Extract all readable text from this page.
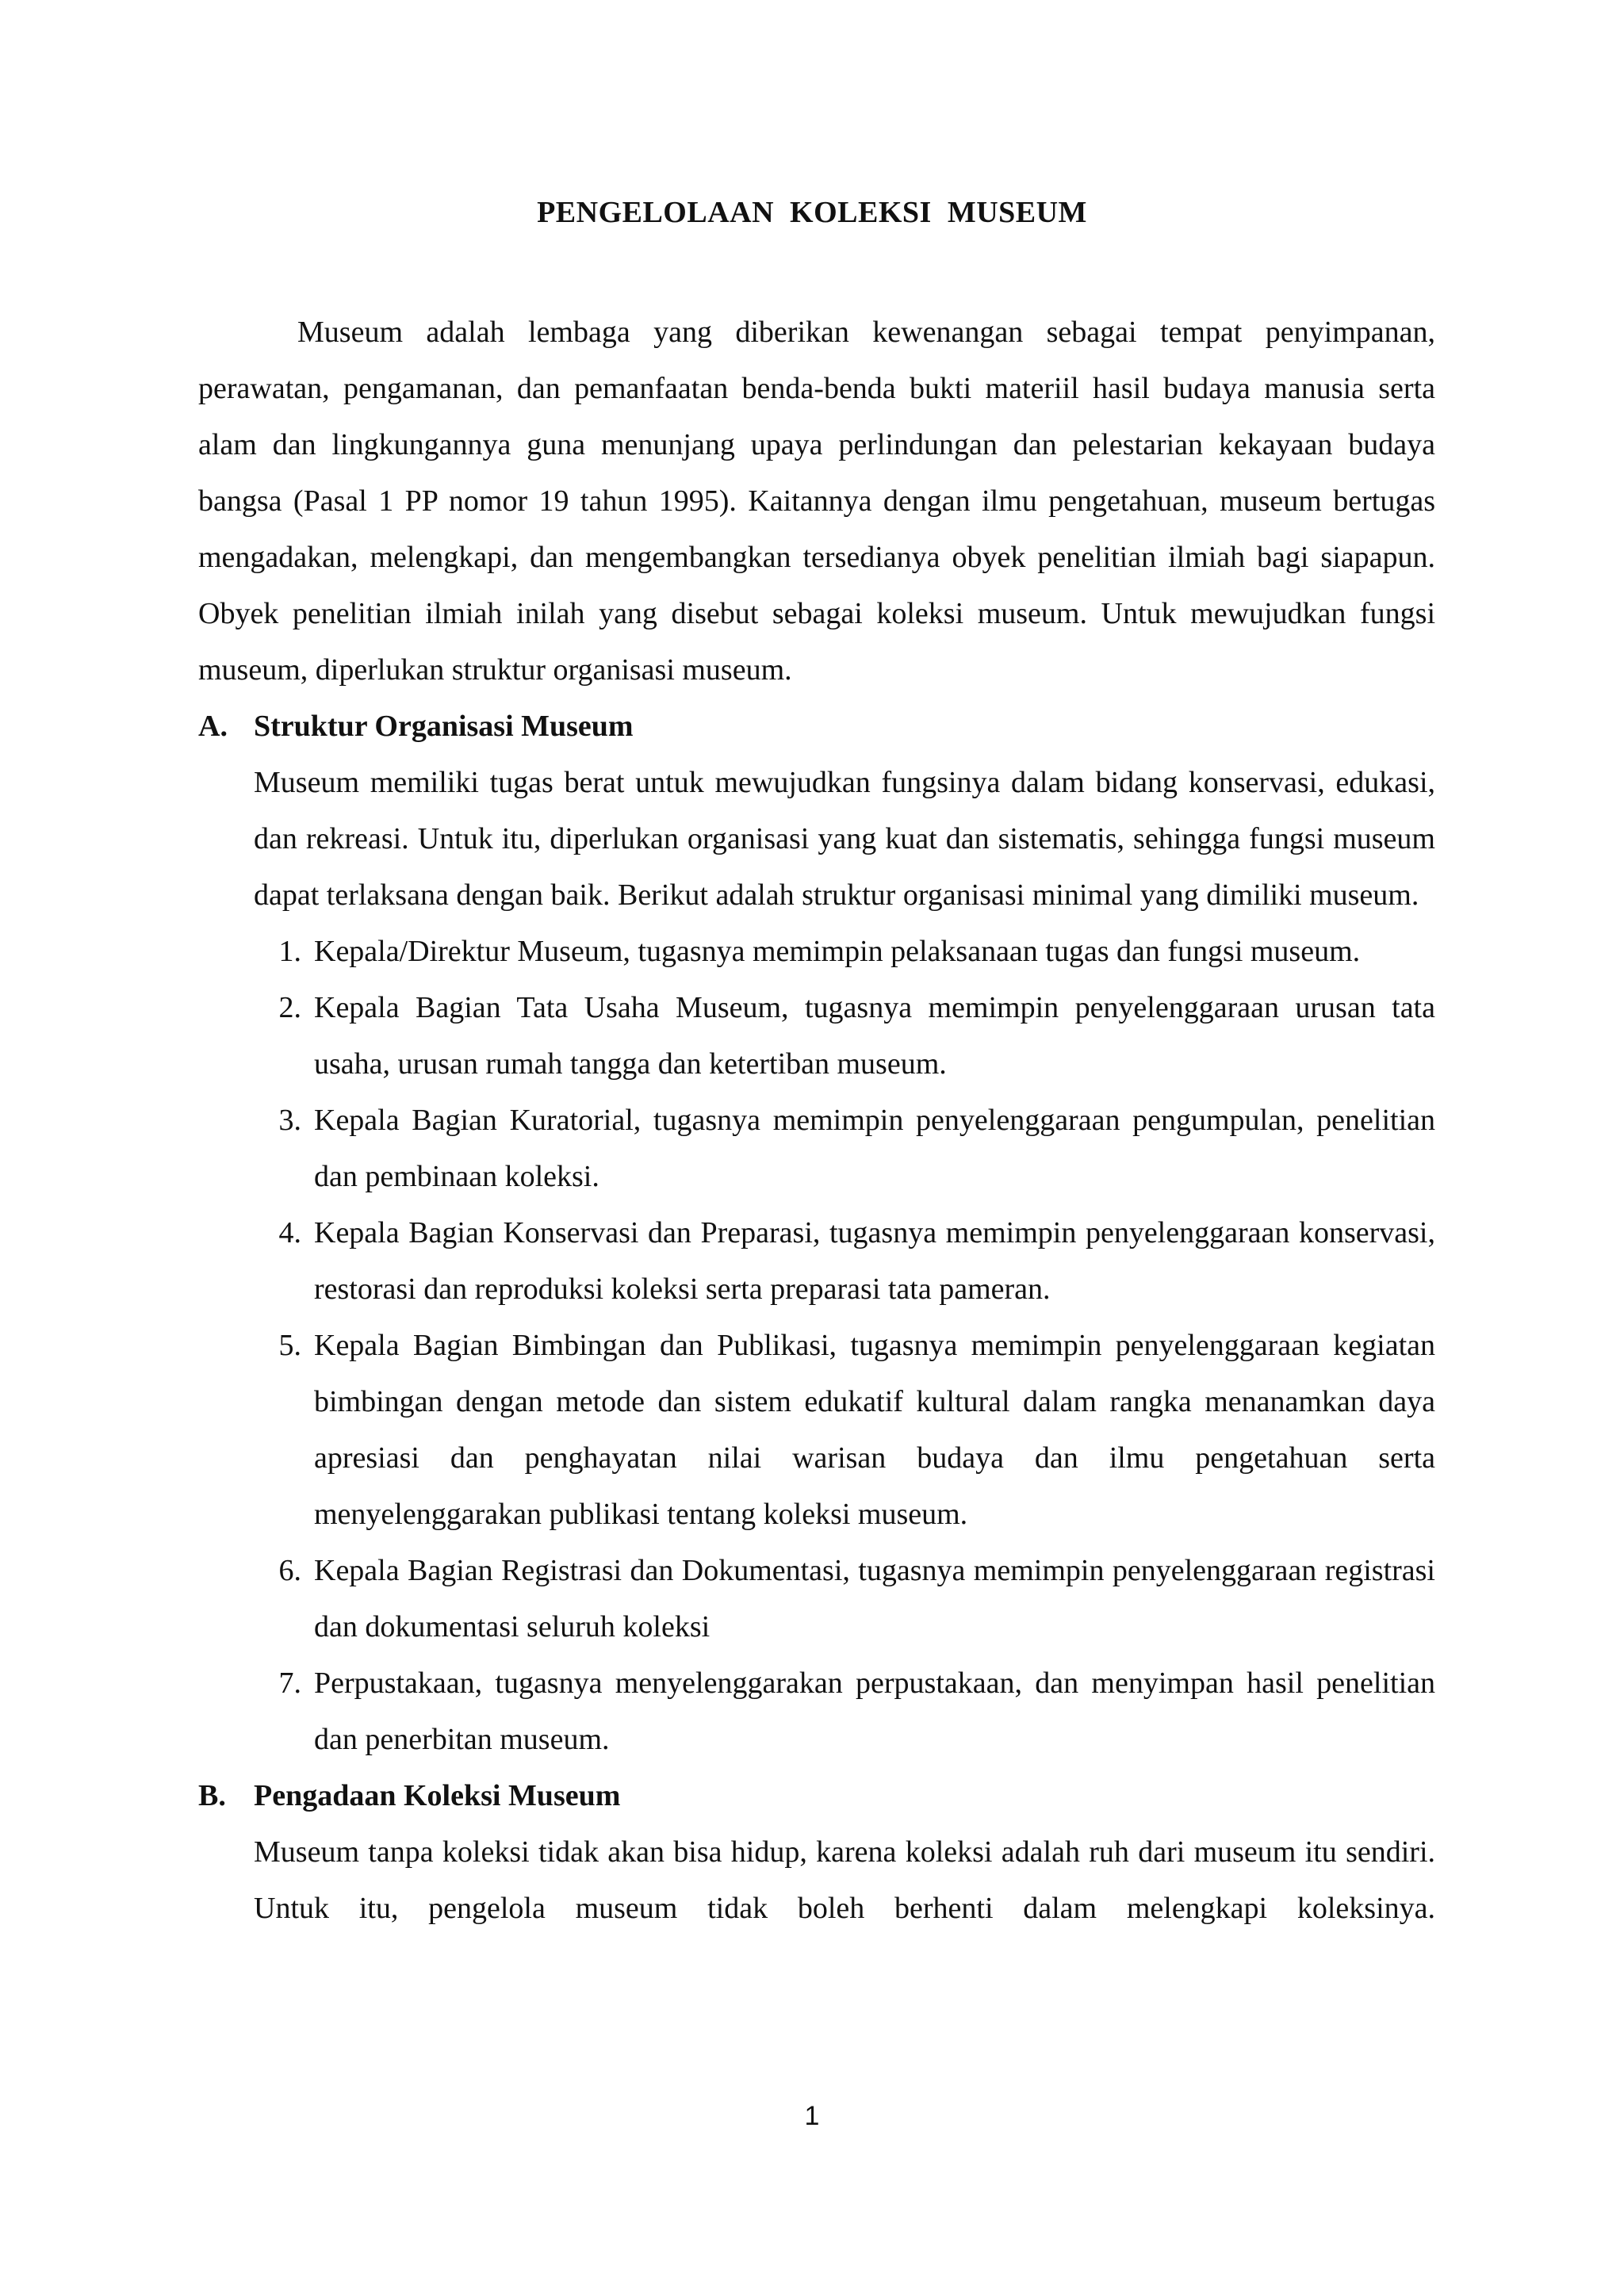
PENGELOLAAN KOLEKSI MUSEUM

Museum adalah lembaga yang diberikan kewenangan sebagai tempat penyimpanan, perawatan, pengamanan, dan pemanfaatan benda-benda bukti materiil hasil budaya manusia serta alam dan lingkungannya guna menunjang upaya perlindungan dan pelestarian kekayaan budaya bangsa (Pasal 1 PP nomor 19 tahun 1995). Kaitannya dengan ilmu pengetahuan, museum bertugas mengadakan, melengkapi, dan mengembangkan tersedianya obyek penelitian ilmiah bagi siapapun. Obyek penelitian ilmiah inilah yang disebut sebagai koleksi museum. Untuk mewujudkan fungsi museum, diperlukan struktur organisasi museum.

A. Struktur Organisasi Museum

Museum memiliki tugas berat untuk mewujudkan fungsinya dalam bidang konservasi, edukasi, dan rekreasi. Untuk itu, diperlukan organisasi yang kuat dan sistematis, sehingga fungsi museum dapat terlaksana dengan baik. Berikut adalah struktur organisasi minimal yang dimiliki museum.

1. Kepala/Direktur Museum, tugasnya memimpin pelaksanaan tugas dan fungsi museum.
2. Kepala Bagian Tata Usaha Museum, tugasnya memimpin penyelenggaraan urusan tata usaha, urusan rumah tangga dan ketertiban museum.
3. Kepala Bagian Kuratorial, tugasnya memimpin penyelenggaraan pengumpulan, penelitian dan pembinaan koleksi.
4. Kepala Bagian Konservasi dan Preparasi, tugasnya memimpin penyelenggaraan konservasi, restorasi dan reproduksi koleksi serta preparasi tata pameran.
5. Kepala Bagian Bimbingan dan Publikasi, tugasnya memimpin penyelenggaraan kegiatan bimbingan dengan metode dan sistem edukatif kultural dalam rangka menanamkan daya apresiasi dan penghayatan nilai warisan budaya dan ilmu pengetahuan serta menyelenggarakan publikasi tentang koleksi museum.
6. Kepala Bagian Registrasi dan Dokumentasi, tugasnya memimpin penyelenggaraan registrasi dan dokumentasi seluruh koleksi
7. Perpustakaan, tugasnya menyelenggarakan perpustakaan, dan menyimpan hasil penelitian dan penerbitan museum.
B. Pengadaan Koleksi Museum

Museum tanpa koleksi tidak akan bisa hidup, karena koleksi adalah ruh dari museum itu sendiri. Untuk itu, pengelola museum tidak boleh berhenti dalam melengkapi koleksinya.

1
